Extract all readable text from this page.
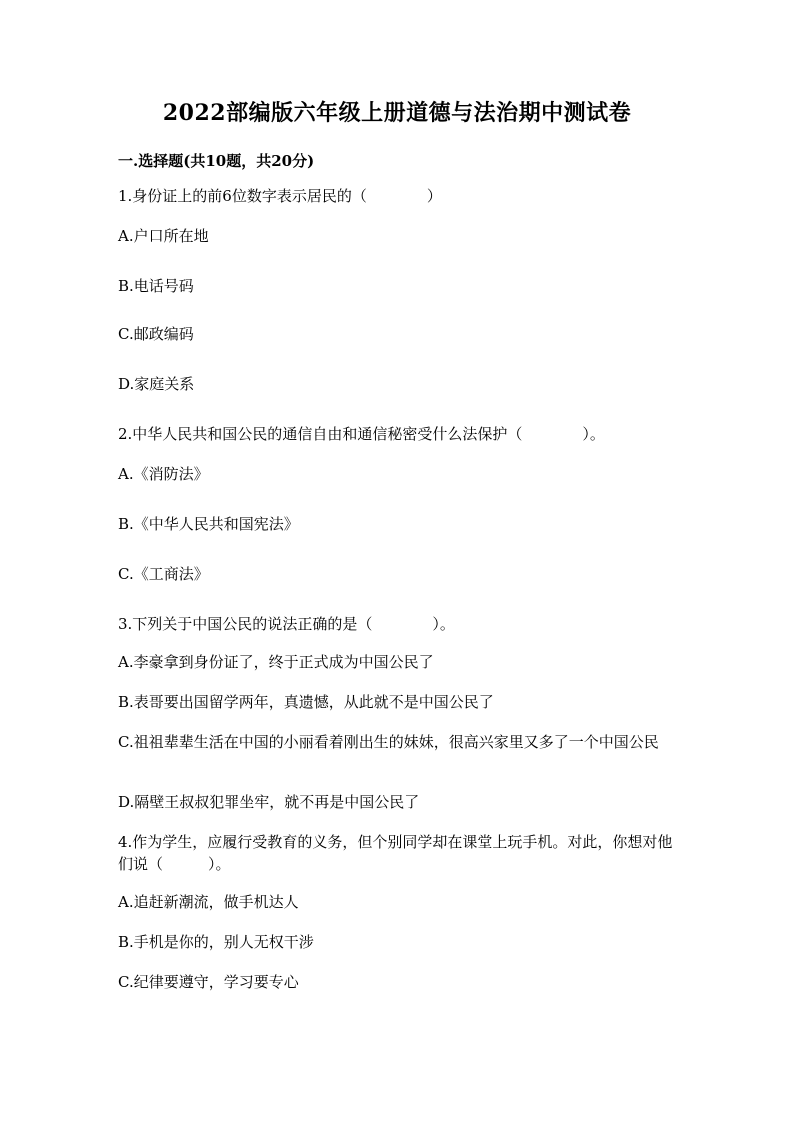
2022部编版六年级上册道德与法治期中测试卷
一.选择题(共10题，共20分)
1.身份证上的前6位数字表示居民的（　　　　）
A.户口所在地
B.电话号码
C.邮政编码
D.家庭关系
2.中华人民共和国公民的通信自由和通信秘密受什么法保护（　　　　）。
A.《消防法》
B.《中华人民共和国宪法》
C.《工商法》
3.下列关于中国公民的说法正确的是（　　　　）。
A.李豪拿到身份证了，终于正式成为中国公民了
B.表哥要出国留学两年，真遗憾，从此就不是中国公民了
C.祖祖辈辈生活在中国的小丽看着刚出生的妹妹，很高兴家里又多了一个中国公民
D.隔壁王叔叔犯罪坐牢，就不再是中国公民了
4.作为学生，应履行受教育的义务，但个别同学却在课堂上玩手机。对此，你想对他们说（　　　）。
A.追赶新潮流，做手机达人
B.手机是你的，别人无权干涉
C.纪律要遵守，学习要专心
